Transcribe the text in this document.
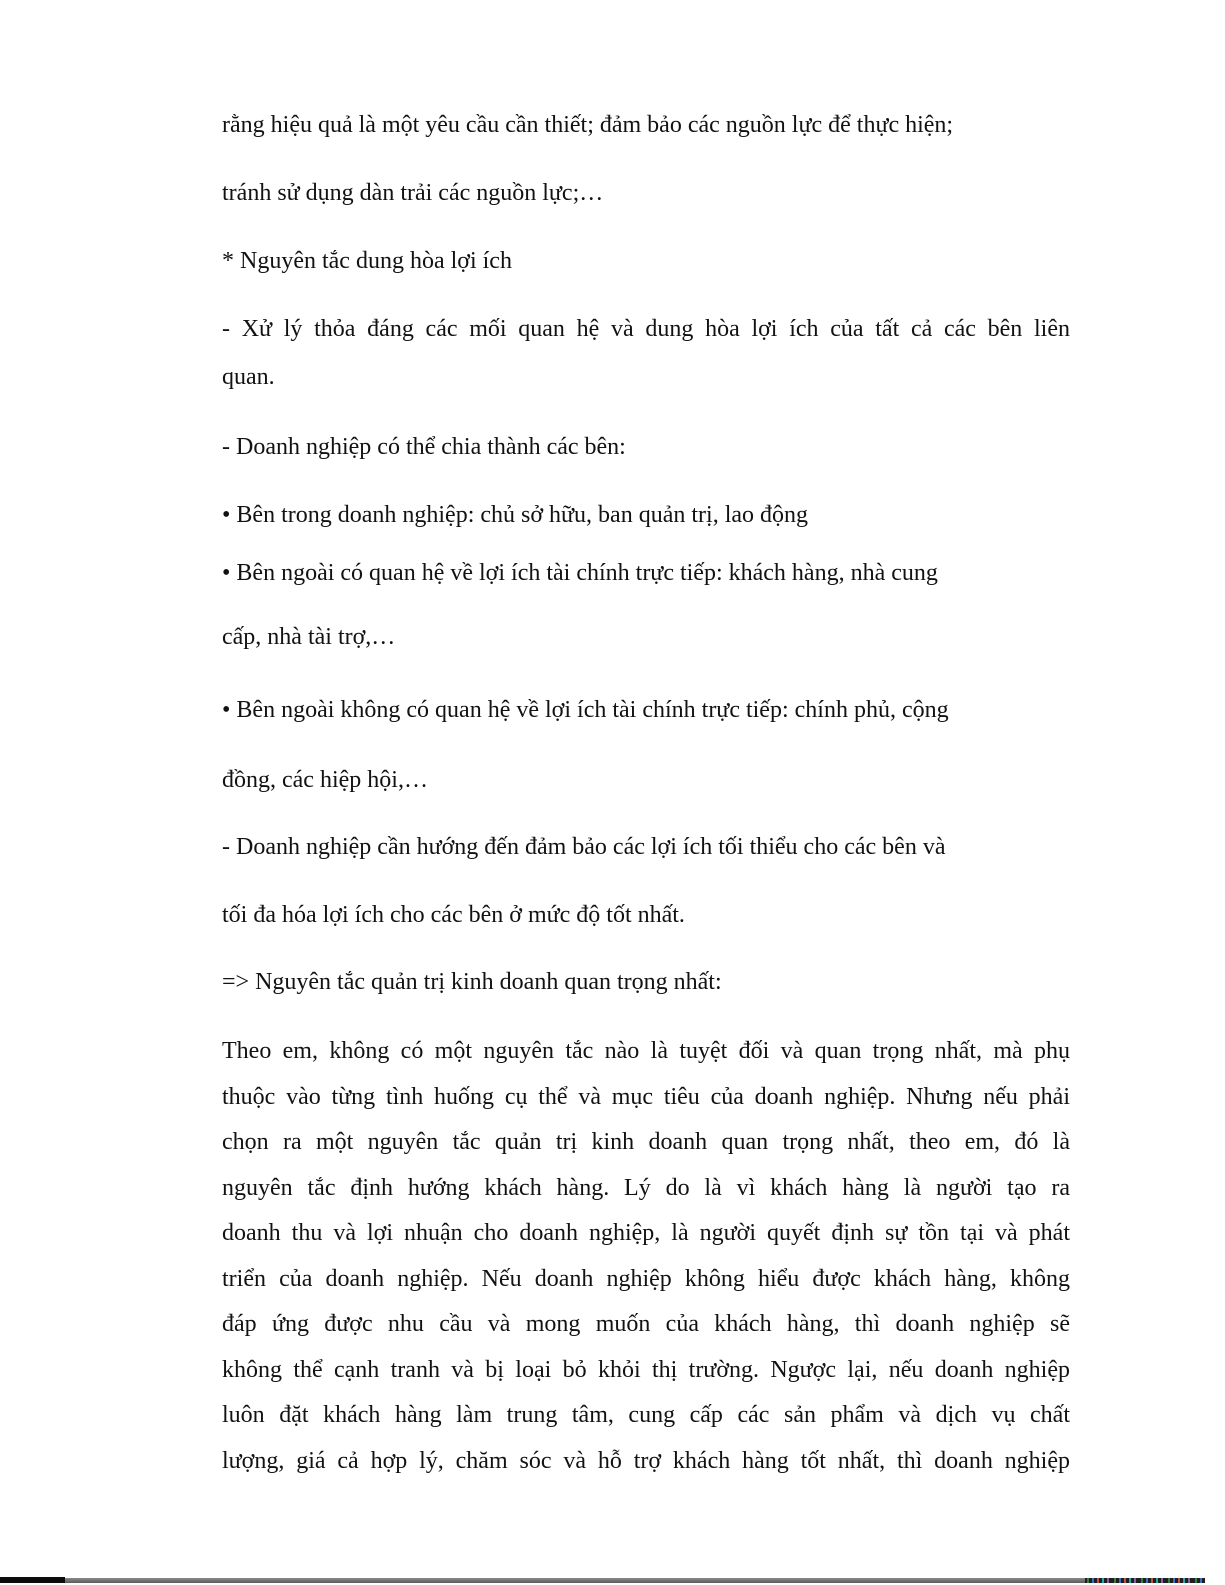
rằng hiệu quả là một yêu cầu cần thiết; đảm bảo các nguồn lực để thực hiện;
tránh sử dụng dàn trải các nguồn lực;…
* Nguyên tắc dung hòa lợi ích
- Xử lý thỏa đáng các mối quan hệ và dung hòa lợi ích của tất cả các bên liên
quan.
- Doanh nghiệp có thể chia thành các bên:
• Bên trong doanh nghiệp: chủ sở hữu, ban quản trị, lao động
• Bên ngoài có quan hệ về lợi ích tài chính trực tiếp: khách hàng, nhà cung
cấp, nhà tài trợ,…
• Bên ngoài không có quan hệ về lợi ích tài chính trực tiếp: chính phủ, cộng
đồng, các hiệp hội,…
- Doanh nghiệp cần hướng đến đảm bảo các lợi ích tối thiểu cho các bên và
tối đa hóa lợi ích cho các bên ở mức độ tốt nhất.
=> Nguyên tắc quản trị kinh doanh quan trọng nhất:
Theo em, không có một nguyên tắc nào là tuyệt đối và quan trọng nhất, mà phụ
thuộc vào từng tình huống cụ thể và mục tiêu của doanh nghiệp. Nhưng nếu phải
chọn ra một nguyên tắc quản trị kinh doanh quan trọng nhất, theo em, đó là
nguyên tắc định hướng khách hàng. Lý do là vì khách hàng là người tạo ra
doanh thu và lợi nhuận cho doanh nghiệp, là người quyết định sự tồn tại và phát
triển của doanh nghiệp. Nếu doanh nghiệp không hiểu được khách hàng, không
đáp ứng được nhu cầu và mong muốn của khách hàng, thì doanh nghiệp sẽ
không thể cạnh tranh và bị loại bỏ khỏi thị trường. Ngược lại, nếu doanh nghiệp
luôn đặt khách hàng làm trung tâm, cung cấp các sản phẩm và dịch vụ chất
lượng, giá cả hợp lý, chăm sóc và hỗ trợ khách hàng tốt nhất, thì doanh nghiệp
